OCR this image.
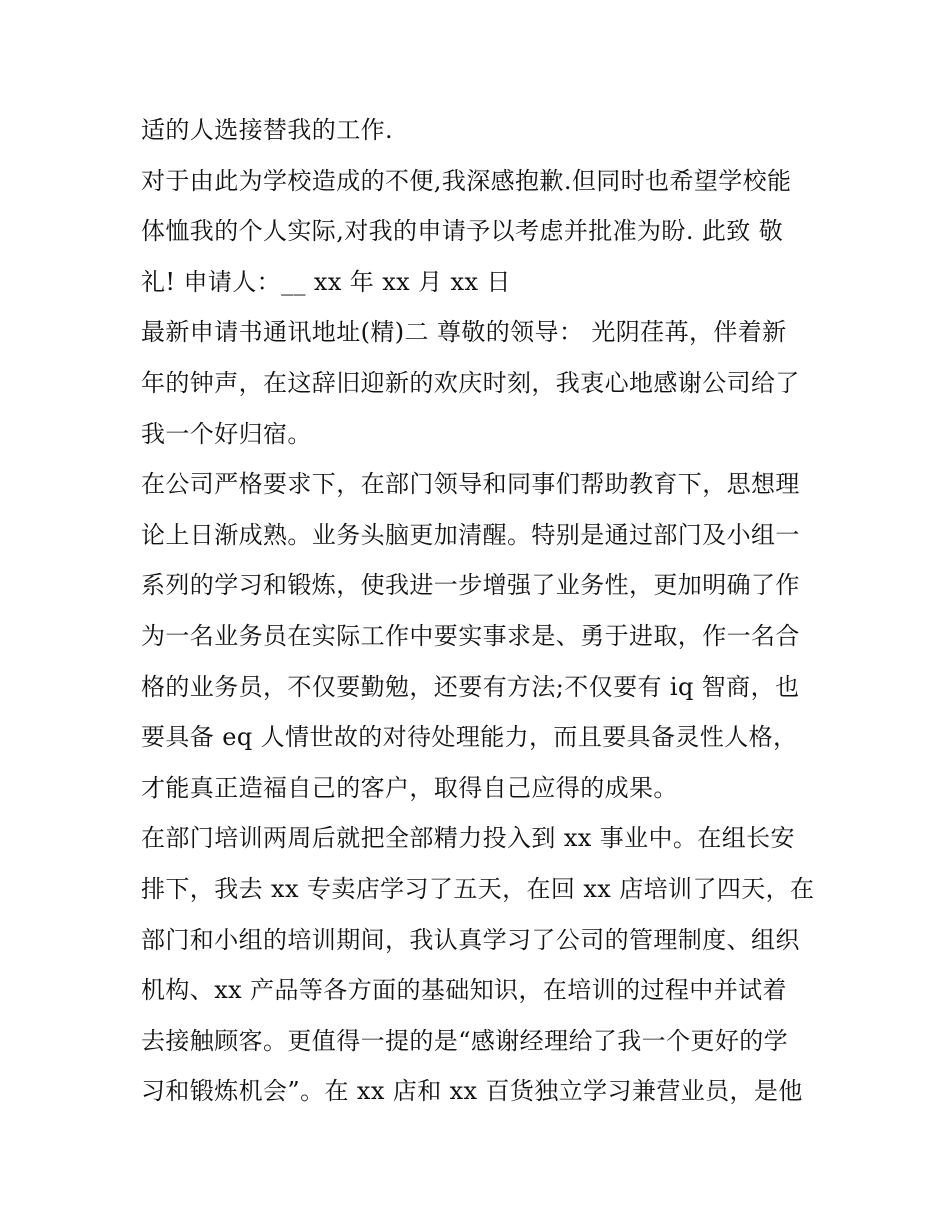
适的人选接替我的工作.
对于由此为学校造成的不便,我深感抱歉.但同时也希望学校能
体恤我的个人实际,对我的申请予以考虑并批准为盼. 此致 敬
礼! 申请人：__ xx 年 xx 月 xx 日
最新申请书通讯地址(精)二 尊敬的领导： 光阴荏苒，伴着新
年的钟声，在这辞旧迎新的欢庆时刻，我衷心地感谢公司给了
我一个好归宿。
在公司严格要求下，在部门领导和同事们帮助教育下，思想理
论上日渐成熟。业务头脑更加清醒。特别是通过部门及小组一
系列的学习和锻炼，使我进一步增强了业务性，更加明确了作
为一名业务员在实际工作中要实事求是、勇于进取，作一名合
格的业务员，不仅要勤勉，还要有方法;不仅要有 iq 智商，也
要具备 eq 人情世故的对待处理能力，而且要具备灵性人格，
才能真正造福自己的客户，取得自己应得的成果。
在部门培训两周后就把全部精力投入到 xx 事业中。在组长安
排下，我去 xx 专卖店学习了五天，在回 xx 店培训了四天，在
部门和小组的培训期间，我认真学习了公司的管理制度、组织
机构、xx 产品等各方面的基础知识，在培训的过程中并试着
去接触顾客。更值得一提的是“感谢经理给了我一个更好的学
习和锻炼机会”。在 xx 店和 xx 百货独立学习兼营业员，是他
